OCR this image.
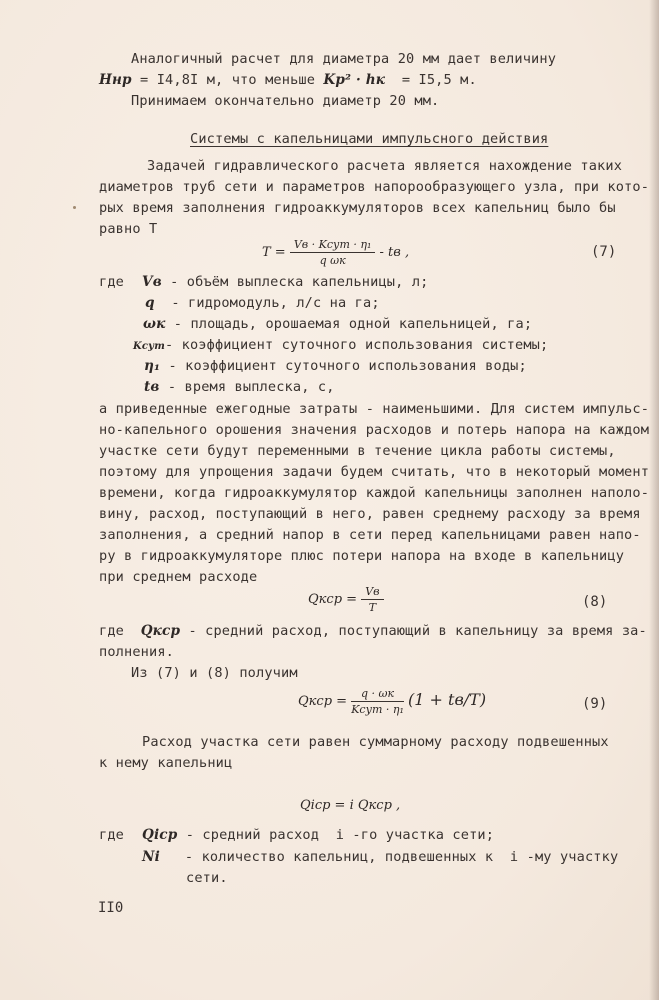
Аналогичный расчет для диаметра 20 мм дает величину
Hнр = I4,8I м, что меньше Kр² · hк  = I5,5 м.
Принимаем окончательно диаметр 20 мм.
Системы с капельницами импульсного действия
Задачей гидравлического расчета является нахождение таких
диаметров труб сети и параметров напорообразующего узла, при кото-
рых время заполнения гидроаккумуляторов всех капельниц было бы
равно T
$T = \frac{\text{Vв · Kсут · η₁}}{\text{q ωк}}$ - tв ,	(7)
где Vв - объём выплеска капельницы, л;
q - гидромодуль, л/с на га;
ωк - площадь, орошаемая одной капельницей, га;
Kсут- коэффициент суточного использования системы;
η₁ - коэффициент суточного использования воды;
tв - время выплеска, с,
а приведенные ежегодные затраты - наименьшими. Для систем импульс-
но-капельного орошения значения расходов и потерь напора на каждом
участке сети будут переменными в течение цикла работы системы,
поэтому для упрощения задачи будем считать, что в некоторый момент
времени, когда гидроаккумулятор каждой капельницы заполнен наполо-
вину, расход, поступающий в него, равен среднему расходу за время
заполнения, а средний напор в сети перед капельницами равен напо-
ру в гидроаккумуляторе плюс потери напора на входе в капельницу
при среднем расходе
Qкср = $\frac{Vв}{T}$	(8)
где Qкср - средний расход, поступающий в капельницу за время за-
полнения.
Из (7) и (8) получим
Qкср = $\frac{q \cdot \omega к}{\text{Kсут · η₁}} (1 + tв/T)$	(9)
Расход участка сети равен суммарному расходу подвешенных
к нему капельниц
Qiср = i Qкср ,
где Qiср - средний расход  i -го участка сети;
Ni - количество капельниц, подвешенных к  i -му участку
сети.
II0
